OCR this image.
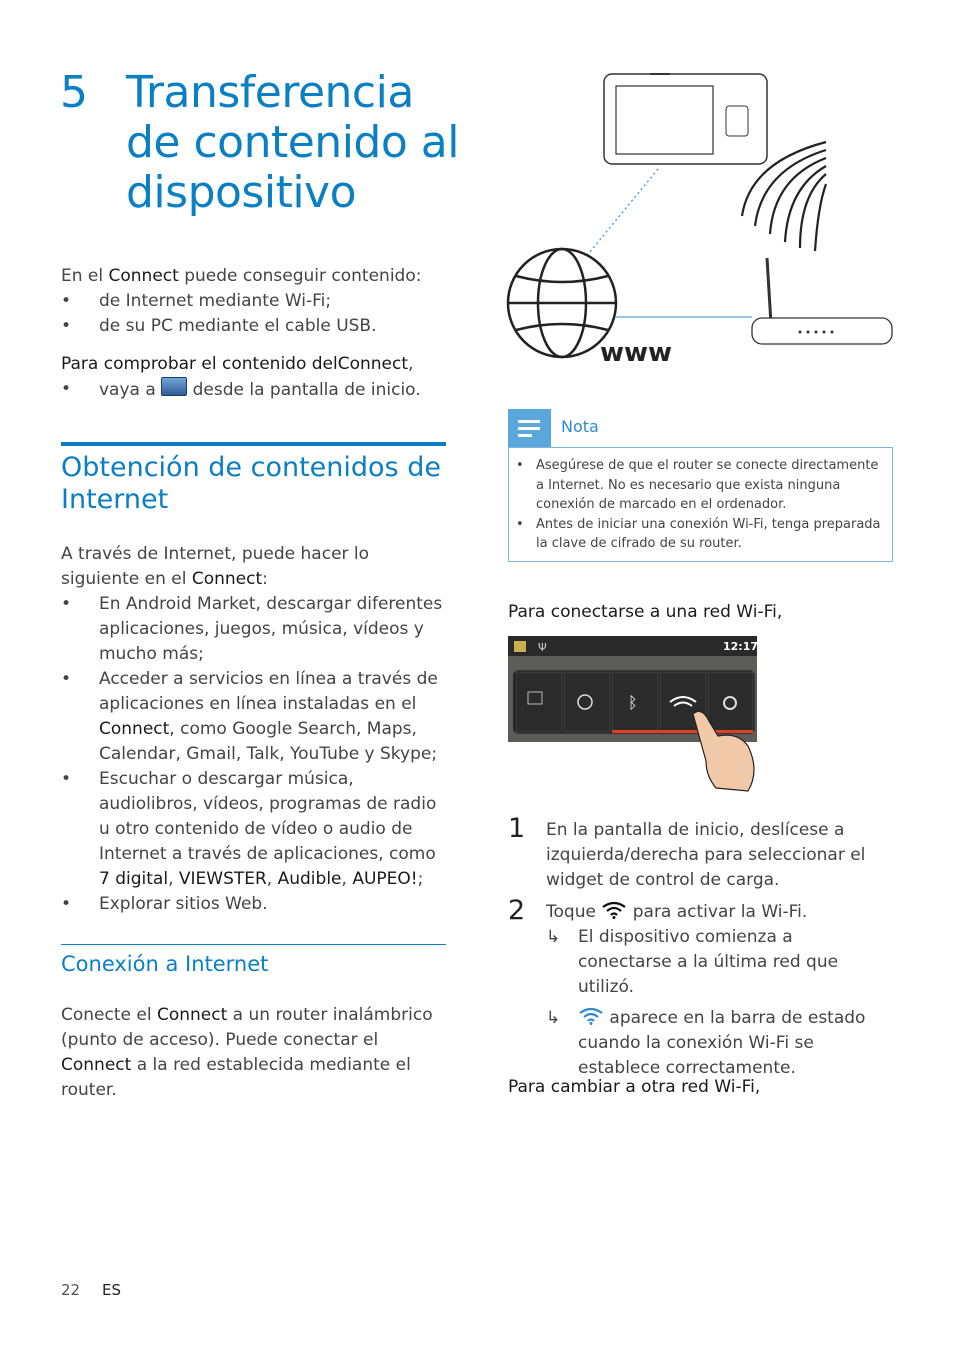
5 Transferencia de contenido al dispositivo
En el Connect puede conseguir contenido:
• de Internet mediante Wi-Fi;
• de su PC mediante el cable USB.
Para comprobar el contenido delConnect,
• vaya a  desde la pantalla de inicio.
Obtención de contenidos de Internet
A través de Internet, puede hacer lo siguiente en el Connect:
• En Android Market, descargar diferentes aplicaciones, juegos, música, vídeos y mucho más;
• Acceder a servicios en línea a través de aplicaciones en línea instaladas en el Connect, como Google Search, Maps, Calendar, Gmail, Talk, YouTube y Skype;
• Escuchar o descargar música, audiolibros, vídeos, programas de radio u otro contenido de vídeo o audio de Internet a través de aplicaciones, como 7 digital, VIEWSTER, Audible, AUPEO!;
• Explorar sitios Web.
Conexión a Internet
Conecte el Connect a un router inalámbrico (punto de acceso). Puede conectar el Connect a la red establecida mediante el router.
www
Nota
• Asegúrese de que el router se conecte directamente a Internet. No es necesario que exista ninguna conexión de marcado en el ordenador.
• Antes de iniciar una conexión Wi-Fi, tenga preparada la clave de cifrado de su router.
Para conectarse a una red Wi-Fi,
Ψ	12:17
ᛒ
1 En la pantalla de inicio, deslícese a izquierda/derecha para seleccionar el widget de control de carga.
2 Toque  para activar la Wi-Fi.
↳ El dispositivo comienza a conectarse a la última red que utilizó.
↳ aparece en la barra de estado cuando la conexión Wi-Fi se establece correctamente.
Para cambiar a otra red Wi-Fi,
22 ES
